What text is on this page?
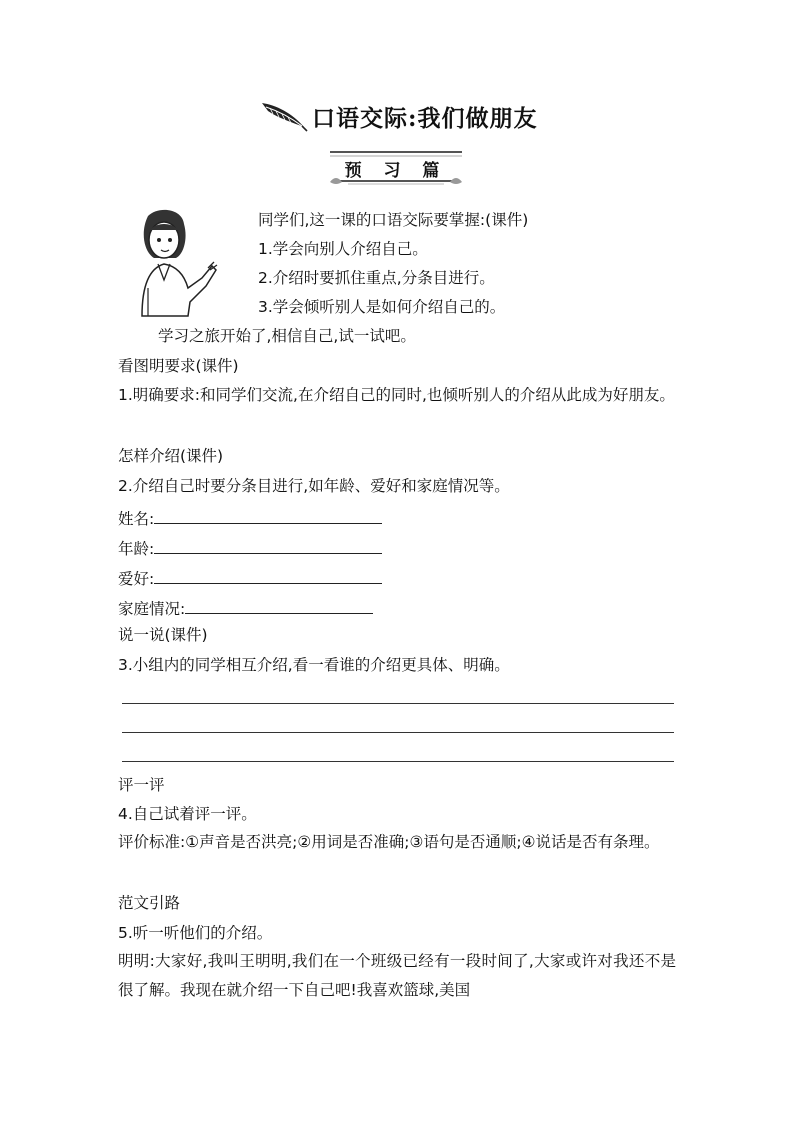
口语交际:我们做朋友
预 习 篇
同学们,这一课的口语交际要掌握:(课件)
1.学会向别人介绍自己。
2.介绍时要抓住重点,分条目进行。
3.学会倾听别人是如何介绍自己的。
学习之旅开始了,相信自己,试一试吧。
看图明要求(课件)
1.明确要求:和同学们交流,在介绍自己的同时,也倾听别人的介绍从此成为好朋友。
怎样介绍(课件)
2.介绍自己时要分条目进行,如年龄、爱好和家庭情况等。
姓名:
年龄:
爱好:
家庭情况:
说一说(课件)
3.小组内的同学相互介绍,看一看谁的介绍更具体、明确。
评一评
4.自己试着评一评。
评价标准:①声音是否洪亮;②用词是否准确;③语句是否通顺;④说话是否有条理。
范文引路
5.听一听他们的介绍。
明明:大家好,我叫王明明,我们在一个班级已经有一段时间了,大家或许对我还不是很了解。我现在就介绍一下自己吧!我喜欢篮球,美国
